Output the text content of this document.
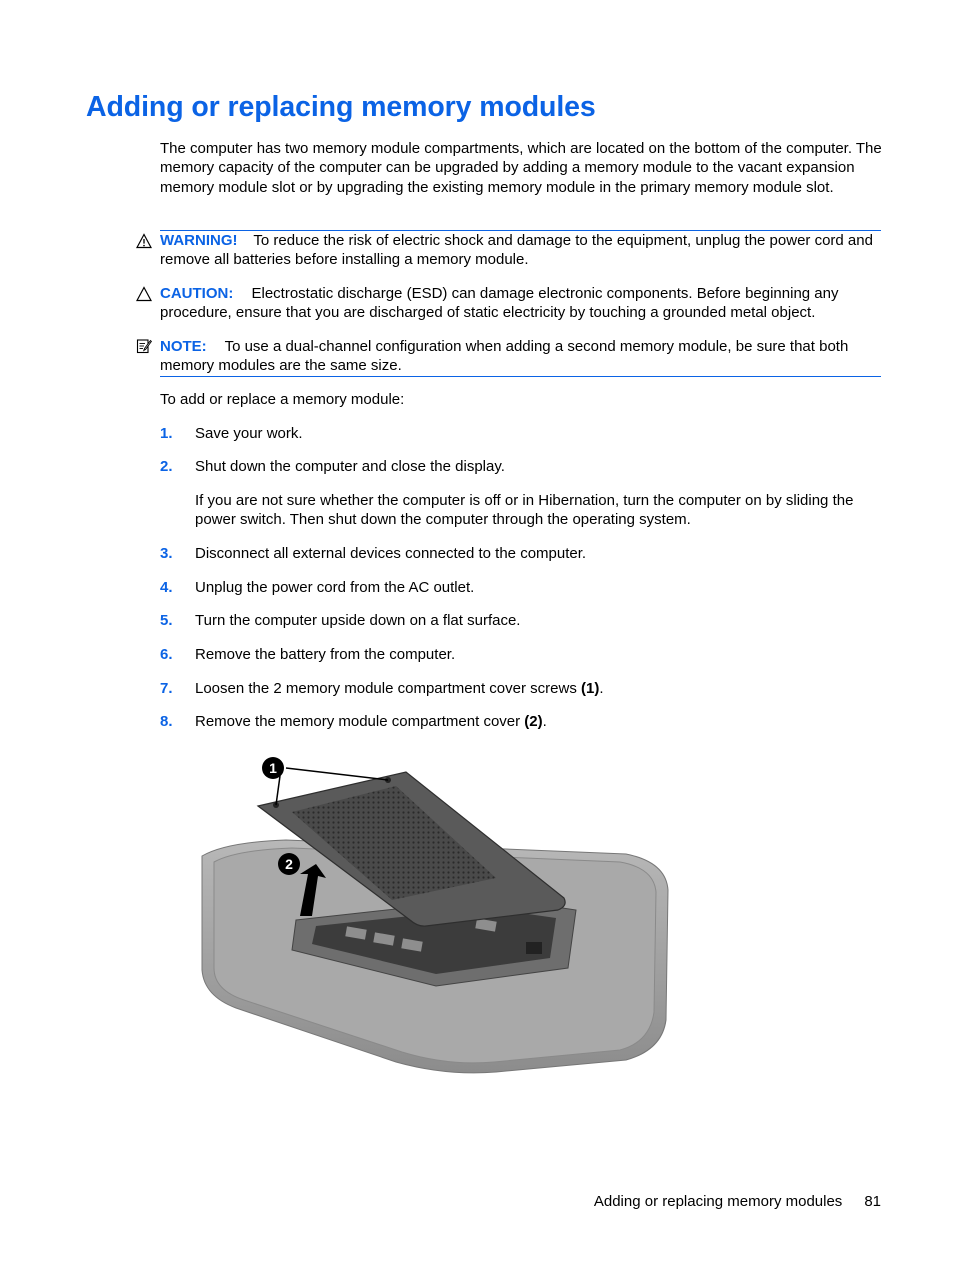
Adding or replacing memory modules

The computer has two memory module compartments, which are located on the bottom of the computer. The memory capacity of the computer can be upgraded by adding a memory module to the vacant expansion memory module slot or by upgrading the existing memory module in the primary memory module slot.

WARNING! To reduce the risk of electric shock and damage to the equipment, unplug the power cord and remove all batteries before installing a memory module.

CAUTION: Electrostatic discharge (ESD) can damage electronic components. Before beginning any procedure, ensure that you are discharged of static electricity by touching a grounded metal object.

NOTE: To use a dual-channel configuration when adding a second memory module, be sure that both memory modules are the same size.

To add or replace a memory module:

1. Save your work.
2. Shut down the computer and close the display.

If you are not sure whether the computer is off or in Hibernation, turn the computer on by sliding the power switch. Then shut down the computer through the operating system.

3. Disconnect all external devices connected to the computer.
4. Unplug the power cord from the AC outlet.
5. Turn the computer upside down on a flat surface.
6. Remove the battery from the computer.
7. Loosen the 2 memory module compartment cover screws (1).
8. Remove the memory module compartment cover (2).
1
2
Adding or replacing memory modules 81
